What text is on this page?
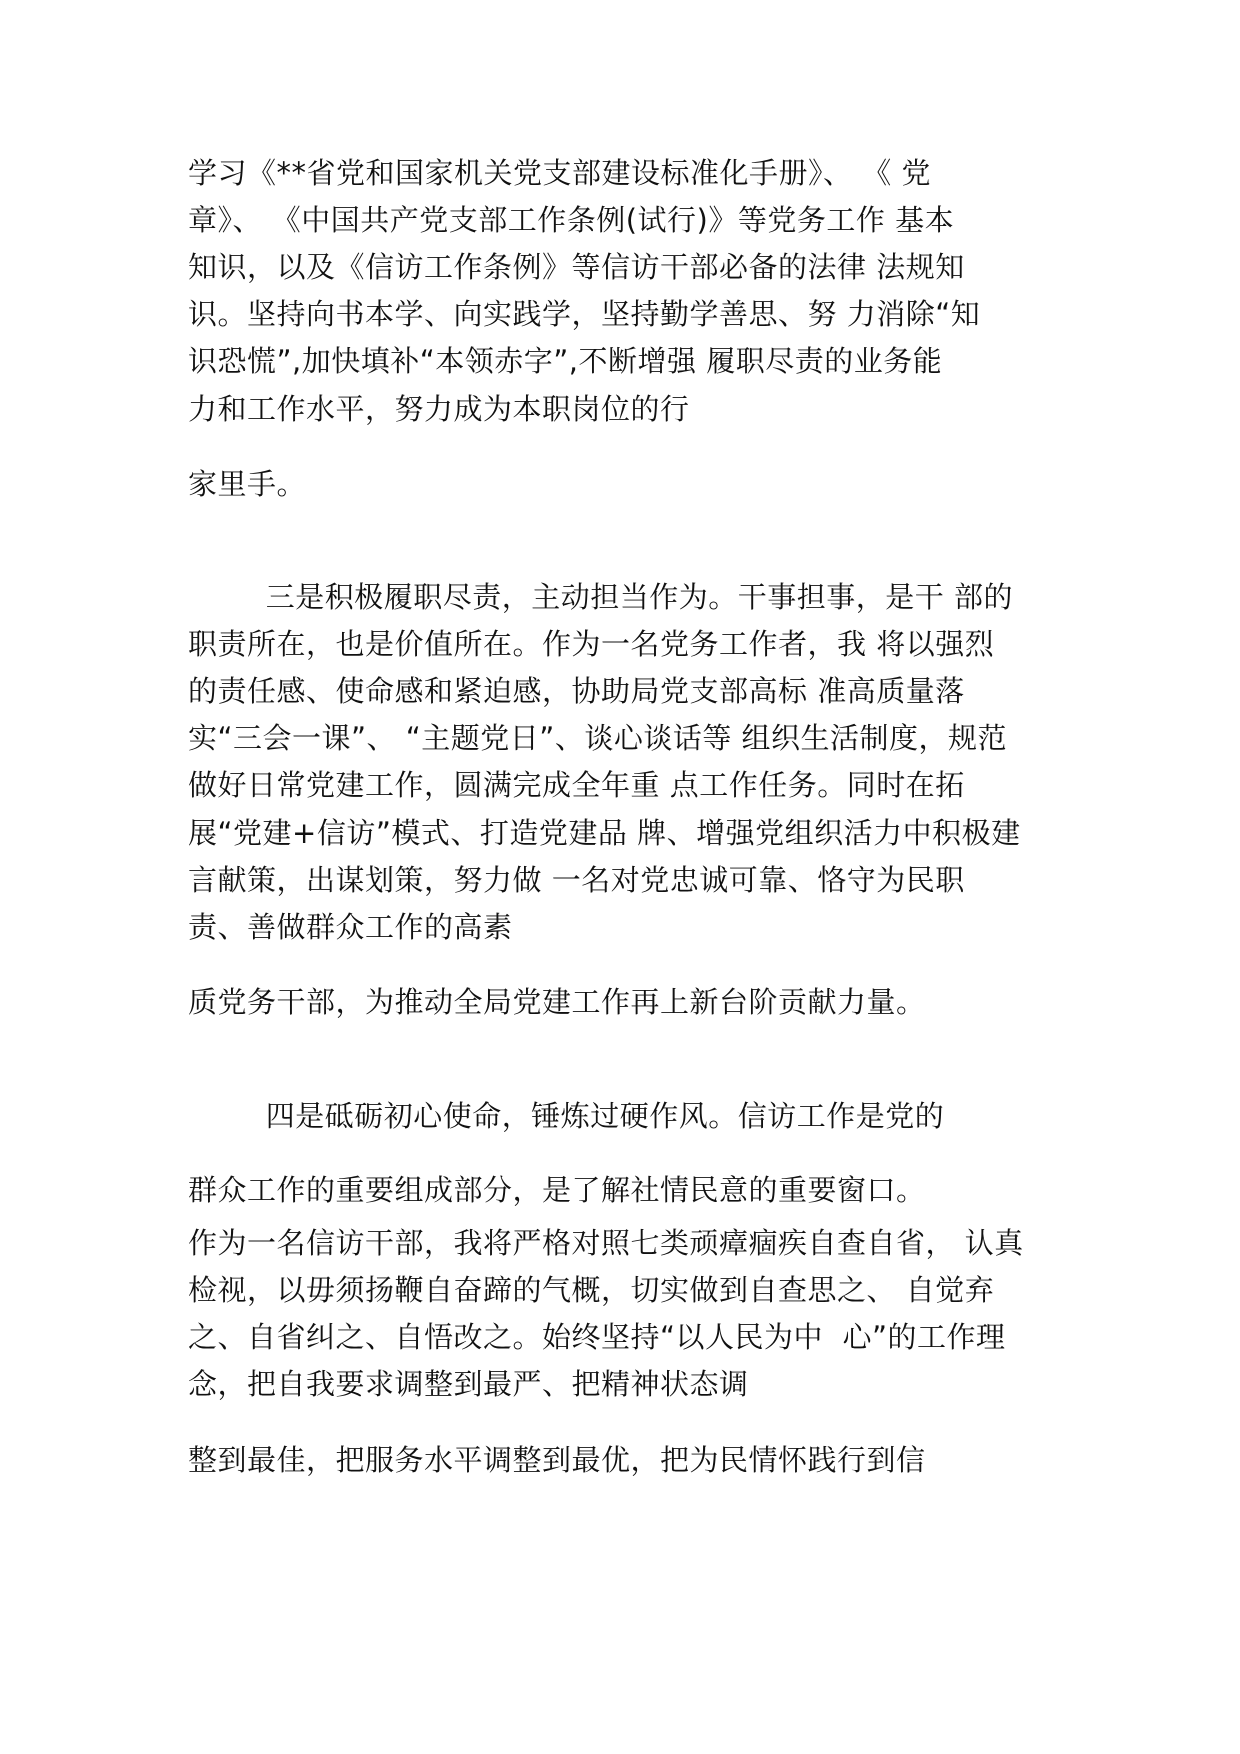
学习《**省党和国家机关党支部建设标准化手册》、 《 党
章》、 《中国共产党支部工作条例(试行)》等党务工作 基本
知识，以及《信访工作条例》等信访干部必备的法律 法规知
识。坚持向书本学、向实践学，坚持勤学善思、努 力消除“知
识恐慌”,加快填补“本领赤字”,不断增强 履职尽责的业务能
力和工作水平，努力成为本职岗位的行
家里手。
三是积极履职尽责，主动担当作为。干事担事，是干 部的
职责所在，也是价值所在。作为一名党务工作者，我 将以强烈
的责任感、使命感和紧迫感，协助局党支部高标 准高质量落
实“三会一课”、 “主题党日”、谈心谈话等 组织生活制度，规范
做好日常党建工作，圆满完成全年重 点工作任务。同时在拓
展“党建+信访”模式、打造党建品 牌、增强党组织活力中积极建
言献策，出谋划策，努力做 一名对党忠诚可靠、恪守为民职
责、善做群众工作的高素
质党务干部，为推动全局党建工作再上新台阶贡献力量。
四是砥砺初心使命，锤炼过硬作风。信访工作是党的
群众工作的重要组成部分，是了解社情民意的重要窗口。
作为一名信访干部，我将严格对照七类顽瘴痼疾自查自省， 认真
检视，以毋须扬鞭自奋蹄的气概，切实做到自查思之、 自觉弃
之、自省纠之、自悟改之。始终坚持“以人民为中  心”的工作理
念，把自我要求调整到最严、把精神状态调
整到最佳，把服务水平调整到最优，把为民情怀践行到信
